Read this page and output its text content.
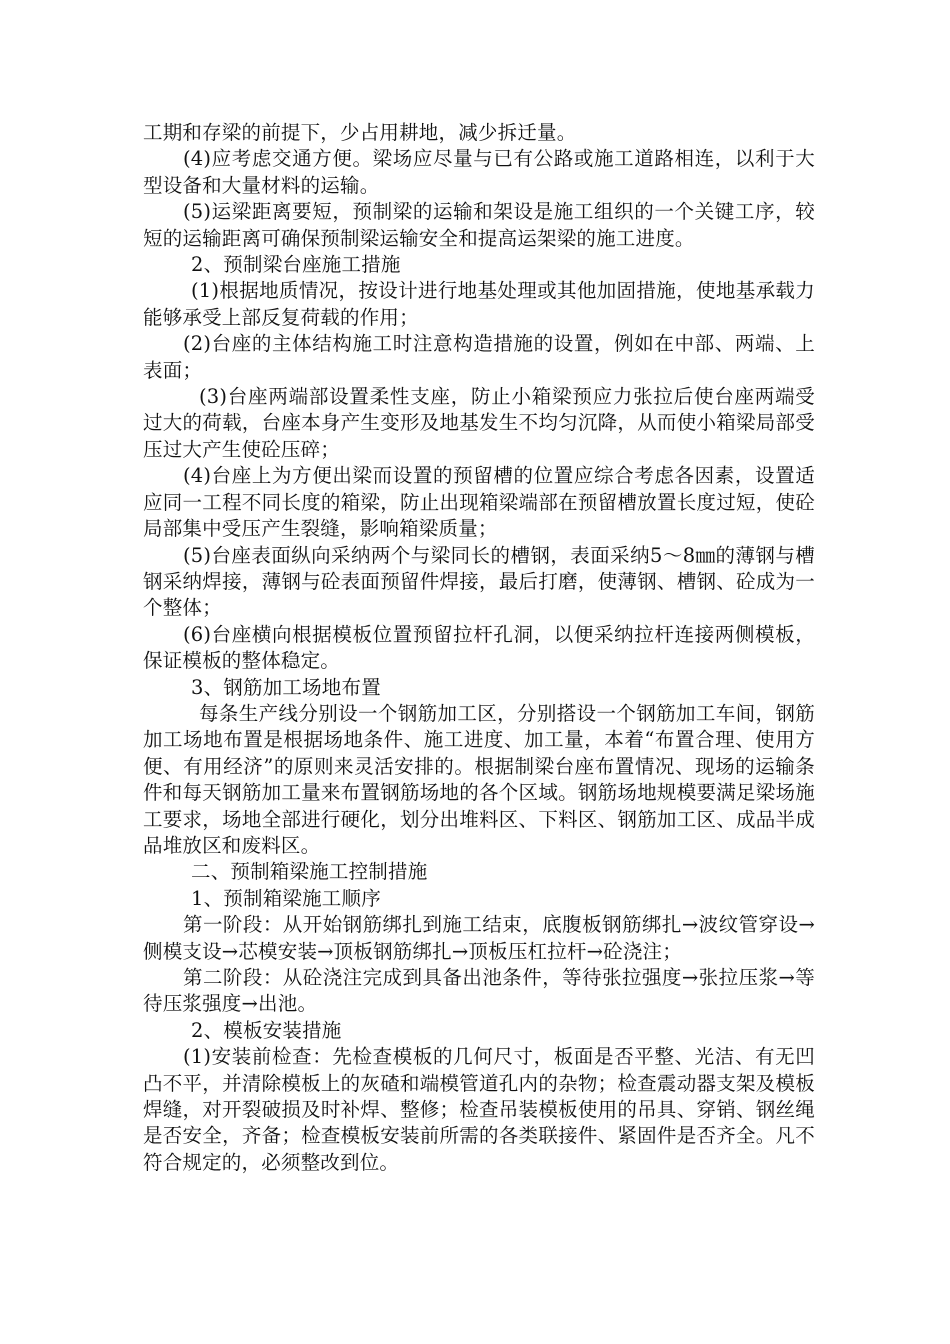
工期和存梁的前提下，少占用耕地，减少拆迁量。

(4)应考虑交通方便。梁场应尽量与已有公路或施工道路相连，以利于大型设备和大量材料的运输。

(5)运梁距离要短，预制梁的运输和架设是施工组织的一个关键工序，较短的运输距离可确保预制梁运输安全和提高运架梁的施工进度。

2、预制梁台座施工措施

(1)根据地质情况，按设计进行地基处理或其他加固措施，使地基承载力能够承受上部反复荷载的作用；

(2)台座的主体结构施工时注意构造措施的设置，例如在中部、两端、上表面；

(3)台座两端部设置柔性支座，防止小箱梁预应力张拉后使台座两端受过大的荷载，台座本身产生变形及地基发生不均匀沉降，从而使小箱梁局部受压过大产生使砼压碎；

(4)台座上为方便出梁而设置的预留槽的位置应综合考虑各因素，设置适应同一工程不同长度的箱梁，防止出现箱梁端部在预留槽放置长度过短，使砼局部集中受压产生裂缝，影响箱梁质量；

(5)台座表面纵向采纳两个与梁同长的槽钢，表面采纳5～8㎜的薄钢与槽钢采纳焊接，薄钢与砼表面预留件焊接，最后打磨，使薄钢、槽钢、砼成为一个整体；

(6)台座横向根据模板位置预留拉杆孔洞，以便采纳拉杆连接两侧模板，保证模板的整体稳定。

3、钢筋加工场地布置

每条生产线分别设一个钢筋加工区，分别搭设一个钢筋加工车间，钢筋加工场地布置是根据场地条件、施工进度、加工量，本着“布置合理、使用方便、有用经济”的原则来灵活安排的。根据制梁台座布置情况、现场的运输条件和每天钢筋加工量来布置钢筋场地的各个区域。钢筋场地规模要满足梁场施工要求，场地全部进行硬化，划分出堆料区、下料区、钢筋加工区、成品半成品堆放区和废料区。

二、预制箱梁施工控制措施

1、预制箱梁施工顺序

第一阶段：从开始钢筋绑扎到施工结束，底腹板钢筋绑扎→波纹管穿设→侧模支设→芯模安装→顶板钢筋绑扎→顶板压杠拉杆→砼浇注；

第二阶段：从砼浇注完成到具备出池条件，等待张拉强度→张拉压浆→等待压浆强度→出池。

2、模板安装措施

(1)安装前检查：先检查模板的几何尺寸，板面是否平整、光洁、有无凹凸不平，并清除模板上的灰碴和端模管道孔内的杂物；检查震动器支架及模板焊缝，对开裂破损及时补焊、整修；检查吊装模板使用的吊具、穿销、钢丝绳是否安全，齐备；检查模板安装前所需的各类联接件、紧固件是否齐全。凡不符合规定的，必须整改到位。
